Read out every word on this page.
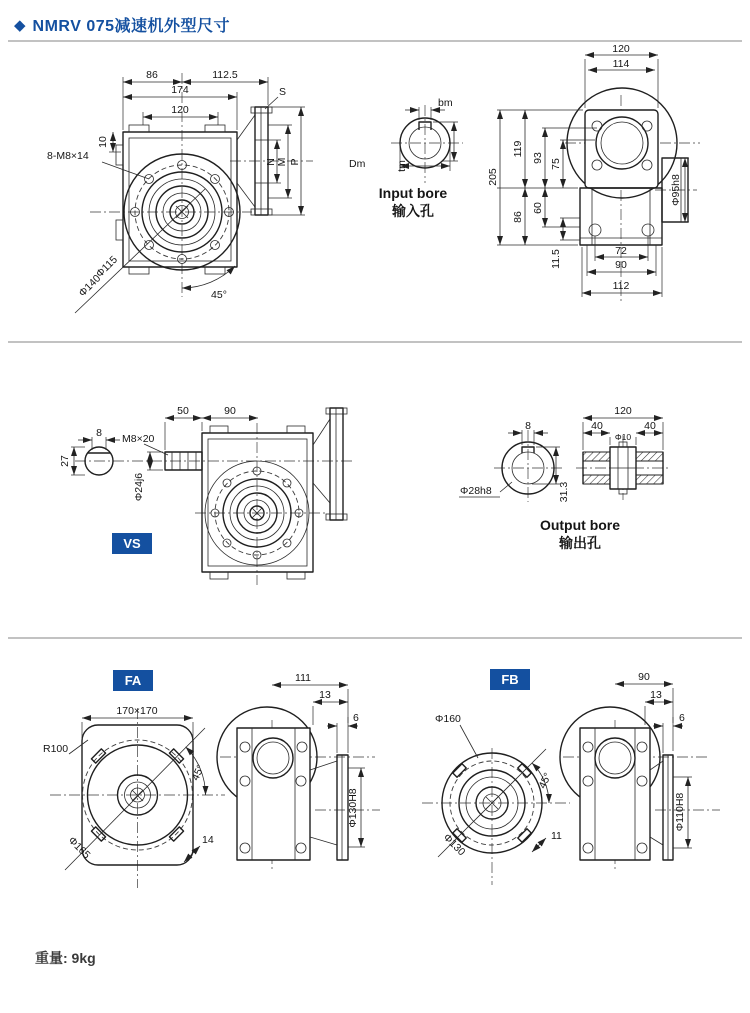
◆ NMRV 075减速机外型尺寸
86	112.5
174
120
10
8-M8×14
Φ115
Φ140	45°
S
N M P
bm
Dm	tm
Input bore
输入孔
120
114
205
119
93
75
86
60
11.5
Φ95h8
72
90
112
8
27
M8×20
Φ24j6
50	90
VS
8
Φ28h8	31.3
120
40	40
Φ10
Output bore
输出孔
FA
170×170
R100
Φ165
45°
14
111
13
6
Φ130H8
FB
Φ160
Φ130
45°
11
90
13
6
Φ110H8
重量: 9kg
